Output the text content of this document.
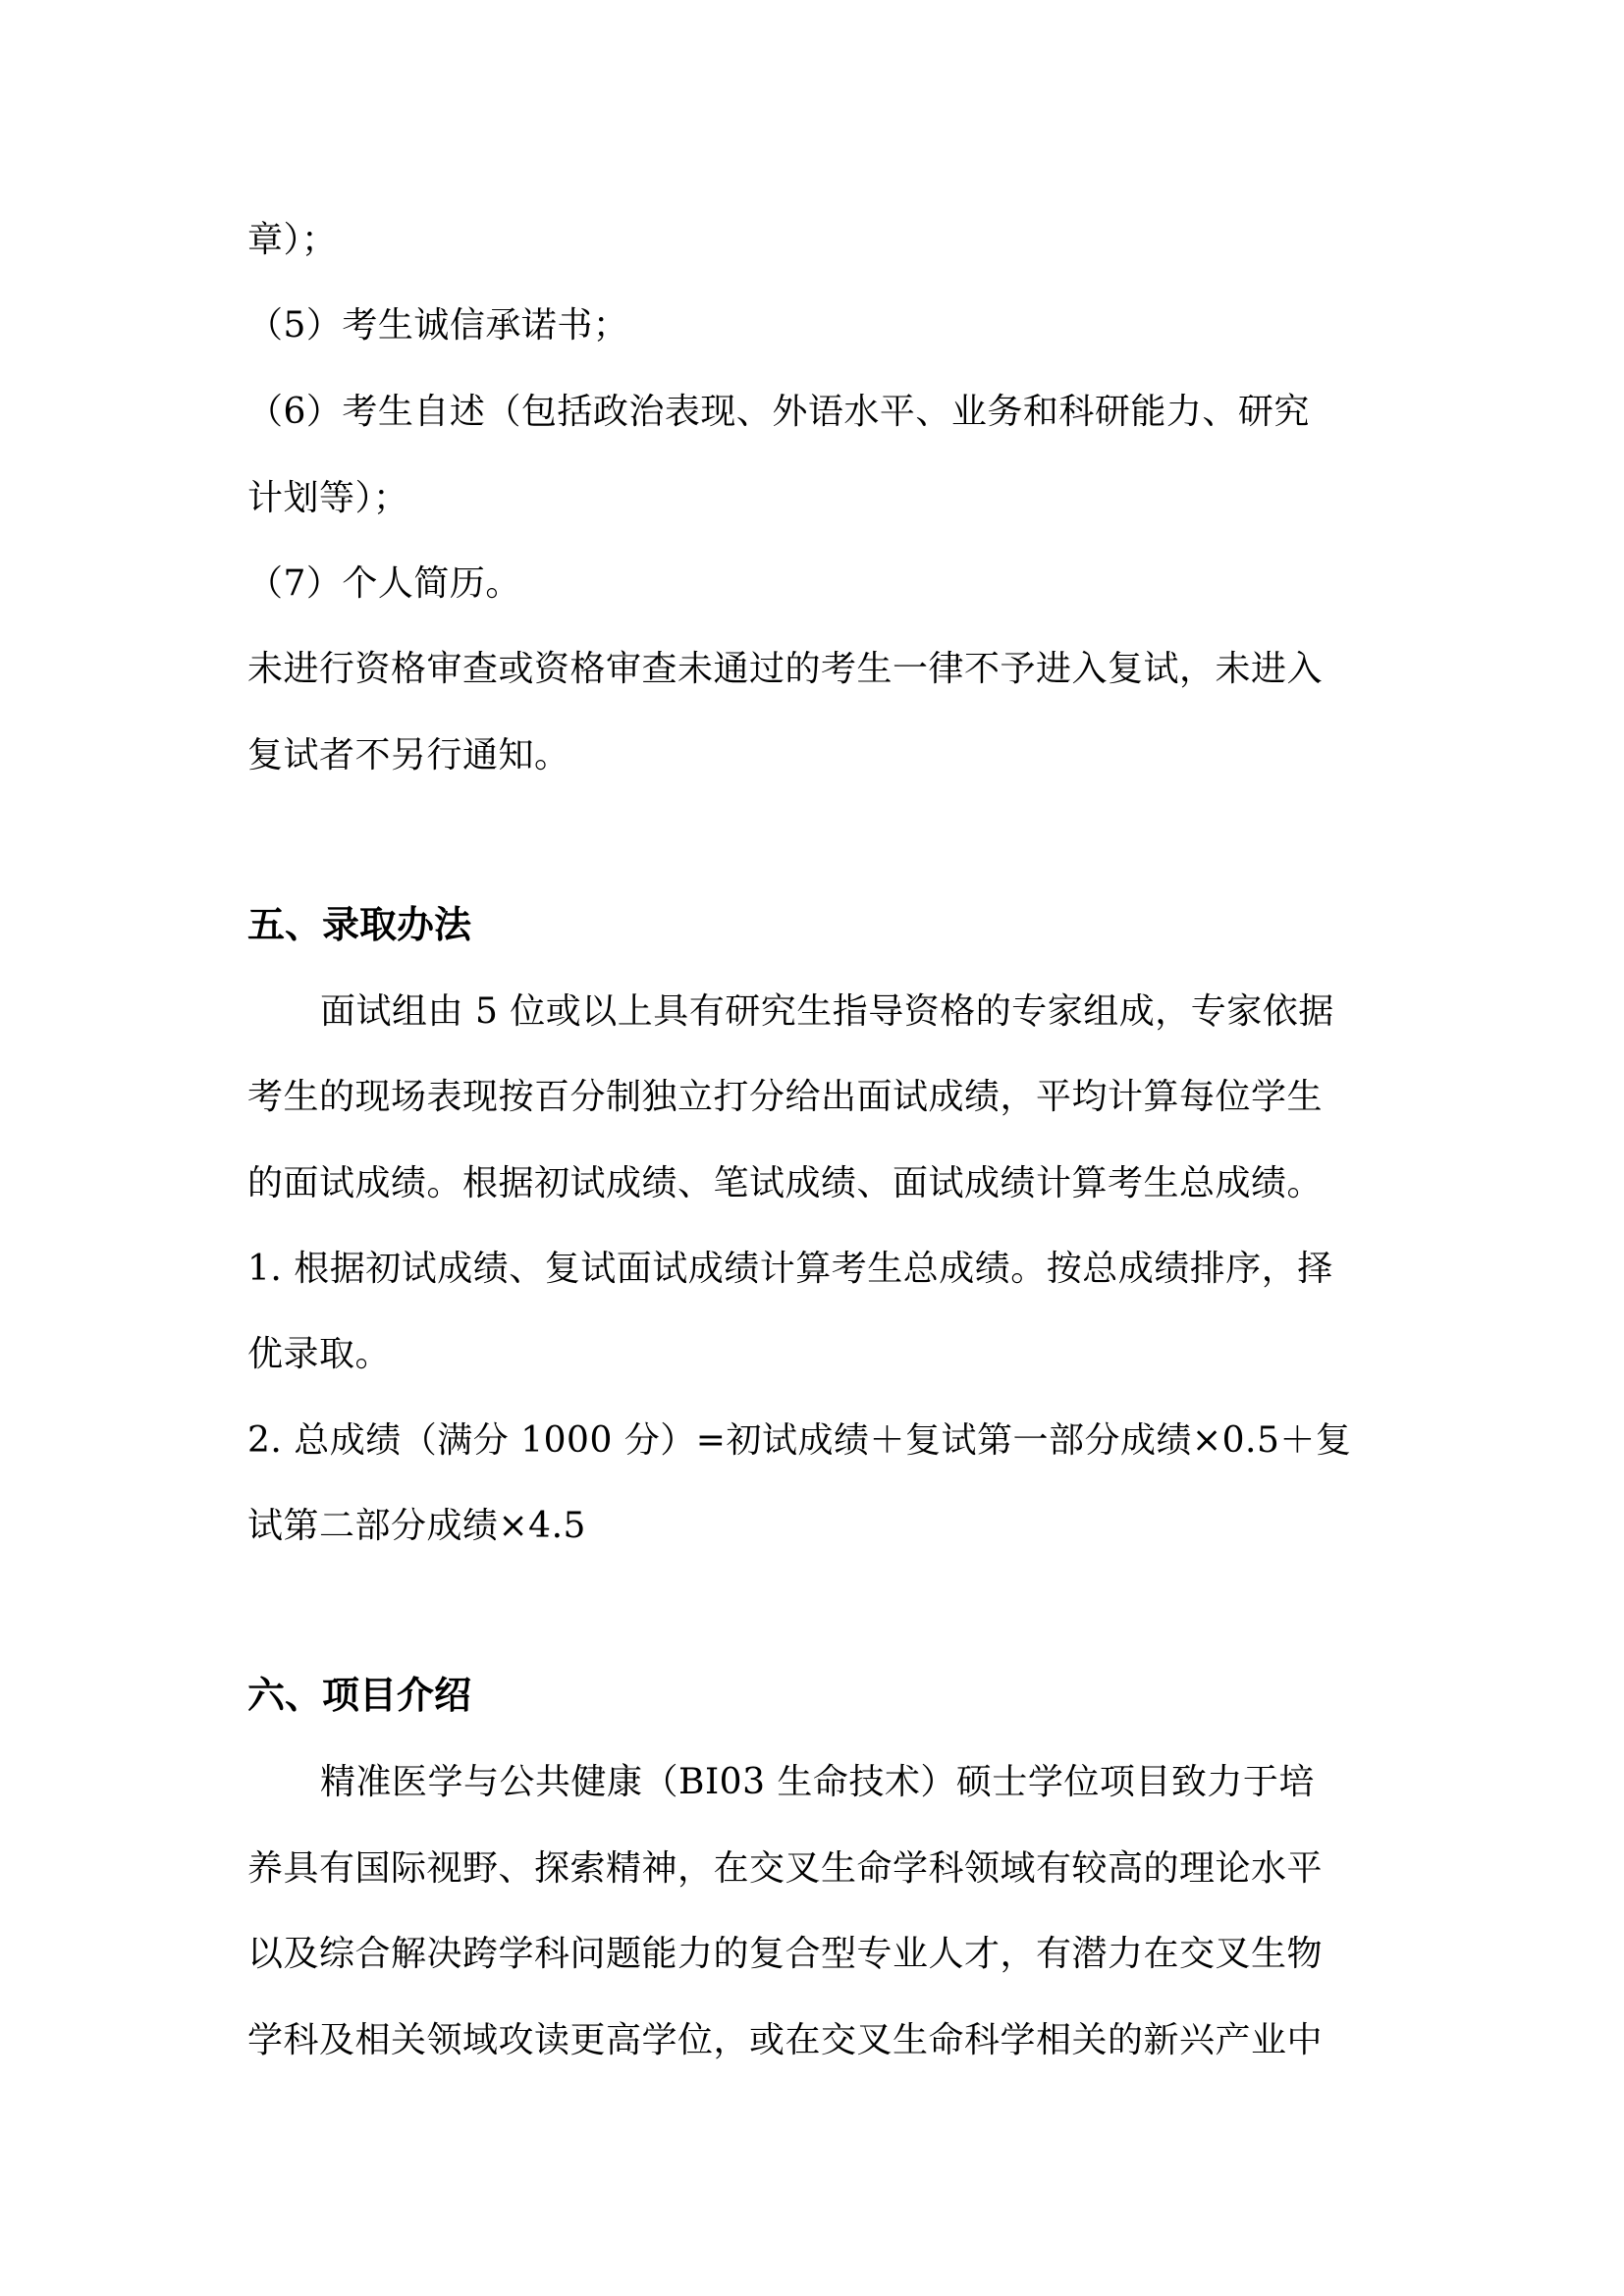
章）；
（5）考生诚信承诺书；
（6）考生自述（包括政治表现、外语水平、业务和科研能力、研究
计划等）；
（7）个人简历。
未进行资格审查或资格审查未通过的考生一律不予进入复试，未进入
复试者不另行通知。
五、录取办法
面试组由 5 位或以上具有研究生指导资格的专家组成，专家依据
考生的现场表现按百分制独立打分给出面试成绩，平均计算每位学生
的面试成绩。根据初试成绩、笔试成绩、面试成绩计算考生总成绩。
1. 根据初试成绩、复试面试成绩计算考生总成绩。按总成绩排序，择
优录取。
2. 总成绩（满分 1000 分）=初试成绩＋复试第一部分成绩×0.5＋复
试第二部分成绩×4.5
六、项目介绍
精准医学与公共健康（BI03 生命技术）硕士学位项目致力于培
养具有国际视野、探索精神，在交叉生命学科领域有较高的理论水平
以及综合解决跨学科问题能力的复合型专业人才，有潜力在交叉生物
学科及相关领域攻读更高学位，或在交叉生命科学相关的新兴产业中
